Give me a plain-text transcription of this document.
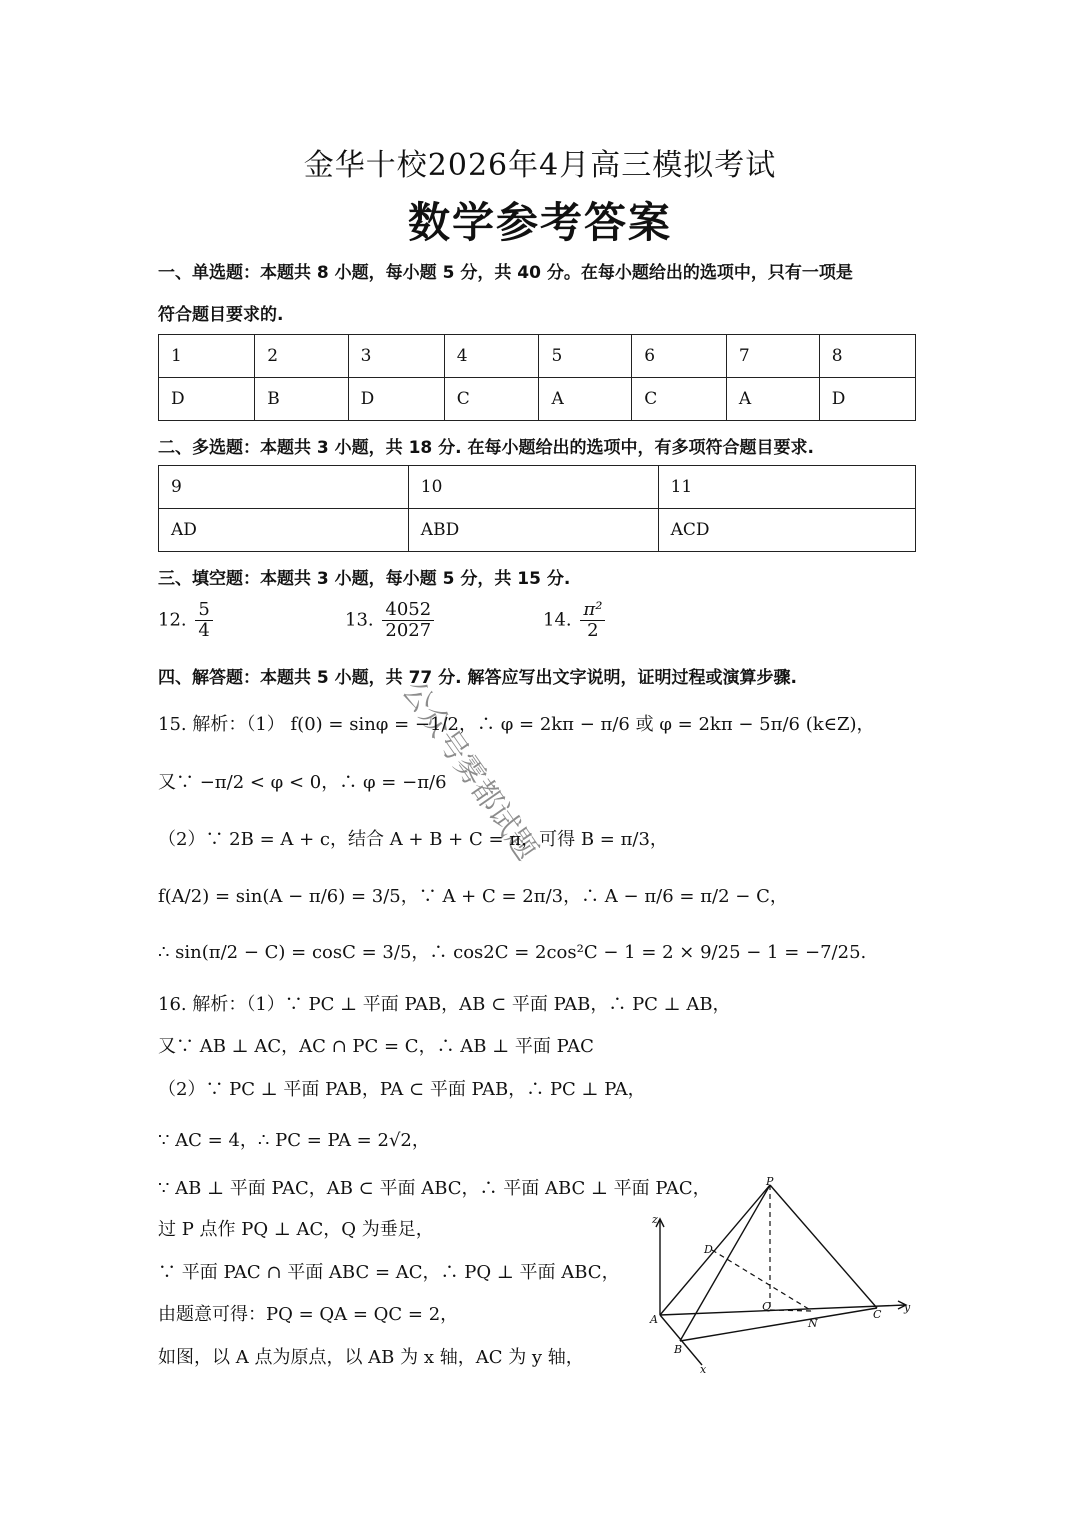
金华十校2026年4月高三模拟考试
数学参考答案
一、单选题：本题共 8 小题，每小题 5 分，共 40 分。在每小题给出的选项中，只有一项是
符合题目要求的.
1	2	3	4	5	6	7	8
D	B	D	C	A	C	A	D
二、多选题：本题共 3 小题，共 18 分. 在每小题给出的选项中，有多项符合题目要求.
9	10	11
AD	ABD	ACD
三、填空题：本题共 3 小题，每小题 5 分，共 15 分.
12. $\frac{5}{4}$	13. $\frac{4052}{2027}$	14. $\frac{\text{π²}}{2}$
四、解答题：本题共 5 小题，共 77 分. 解答应写出文字说明，证明过程或演算步骤.
15. 解析：（1） f(0) = sinφ = −1/2，∴ φ = 2kπ − π/6 或 φ = 2kπ − 5π/6 (k∈Z)，
又∵ −π/2 < φ < 0，∴ φ = −π/6
（2）∵ 2B = A + c，结合 A + B + C = π，可得 B = π/3，
f(A/2) = sin(A − π/6) = 3/5，∵ A + C = 2π/3，∴ A − π/6 = π/2 − C，
∴ sin(π/2 − C) = cosC = 3/5，∴ cos2C = 2cos²C − 1 = 2 × 9/25 − 1 = −7/25.
16. 解析：（1）∵ PC ⊥ 平面 PAB，AB ⊂ 平面 PAB，∴ PC ⊥ AB，
又∵ AB ⊥ AC，AC ∩ PC = C，∴ AB ⊥ 平面 PAC
（2）∵ PC ⊥ 平面 PAB，PA ⊂ 平面 PAB，∴ PC ⊥ PA，
∵ AC = 4，∴ PC = PA = 2√2，
∵ AB ⊥ 平面 PAC，AB ⊂ 平面 ABC，∴ 平面 ABC ⊥ 平面 PAC，
过 P 点作 PQ ⊥ AC，Q 为垂足，
∵ 平面 PAC ∩ 平面 ABC = AC，∴ PQ ⊥ 平面 ABC，
由题意可得：PQ = QA = QC = 2，
如图，以 A 点为原点，以 AB 为 x 轴，AC 为 y 轴，
公众号雾都试题
P
z
D
Q
A	N
C
y
B
x
